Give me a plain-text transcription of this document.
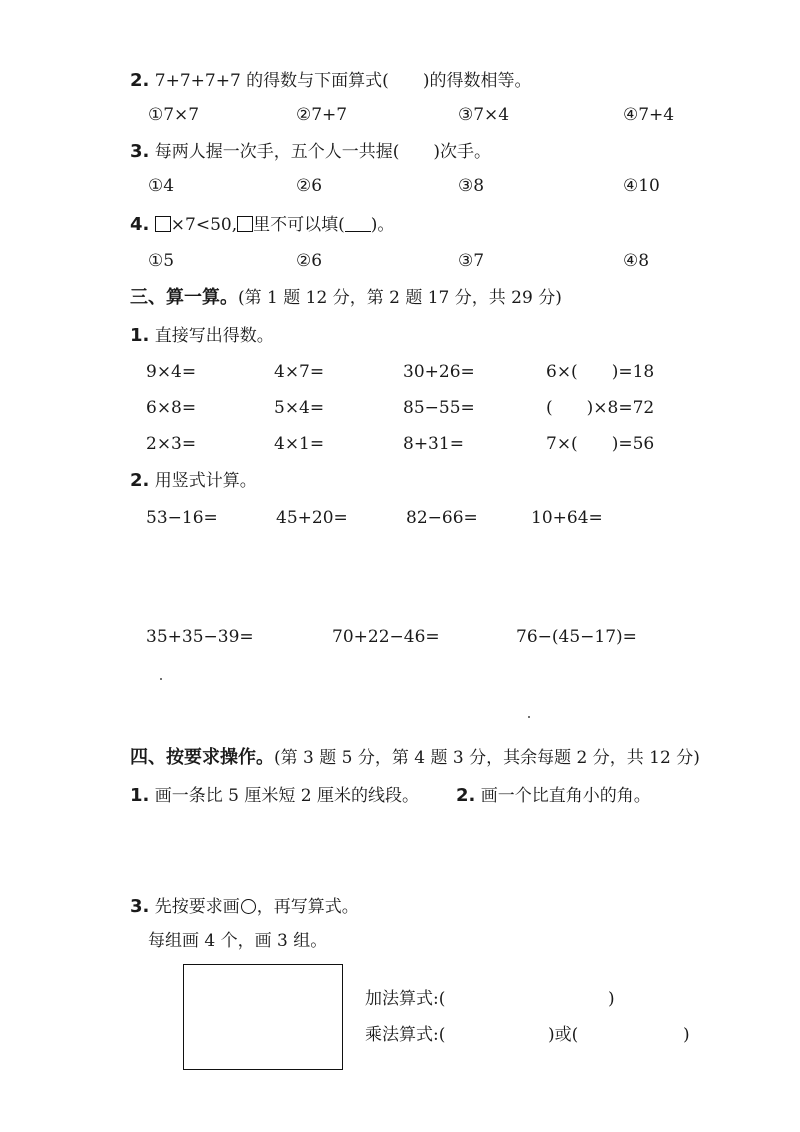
2. 7+7+7+7 的得数与下面算式(　　)的得数相等。
①7×7	②7+7	③7×4	④7+4
3. 每两人握一次手，五个人一共握(　　)次手。
①4	②6	③8	④10
4. ×7<50, 里不可以填( )。
①5	②6	③7	④8
三、算一算。(第 1 题 12 分，第 2 题 17 分，共 29 分)
1. 直接写出得数。
9×4=	4×7=	30+26=	6×(　　)=18
6×8=	5×4=	85−55=	(　　)×8=72
2×3=	4×1=	8+31=	7×(　　)=56
2. 用竖式计算。
53−16=	45+20=	82−66=	10+64=
35+35−39=	70+22−46=	76−(45−17)=
四、按要求操作。(第 3 题 5 分，第 4 题 3 分，其余每题 2 分，共 12 分)
1. 画一条比 5 厘米短 2 厘米的线段。 2. 画一个比直角小的角。
3. 先按要求画 ，再写算式。
每组画 4 个，画 3 组。
加法算式:(	)
乘法算式:(	)或(	)
